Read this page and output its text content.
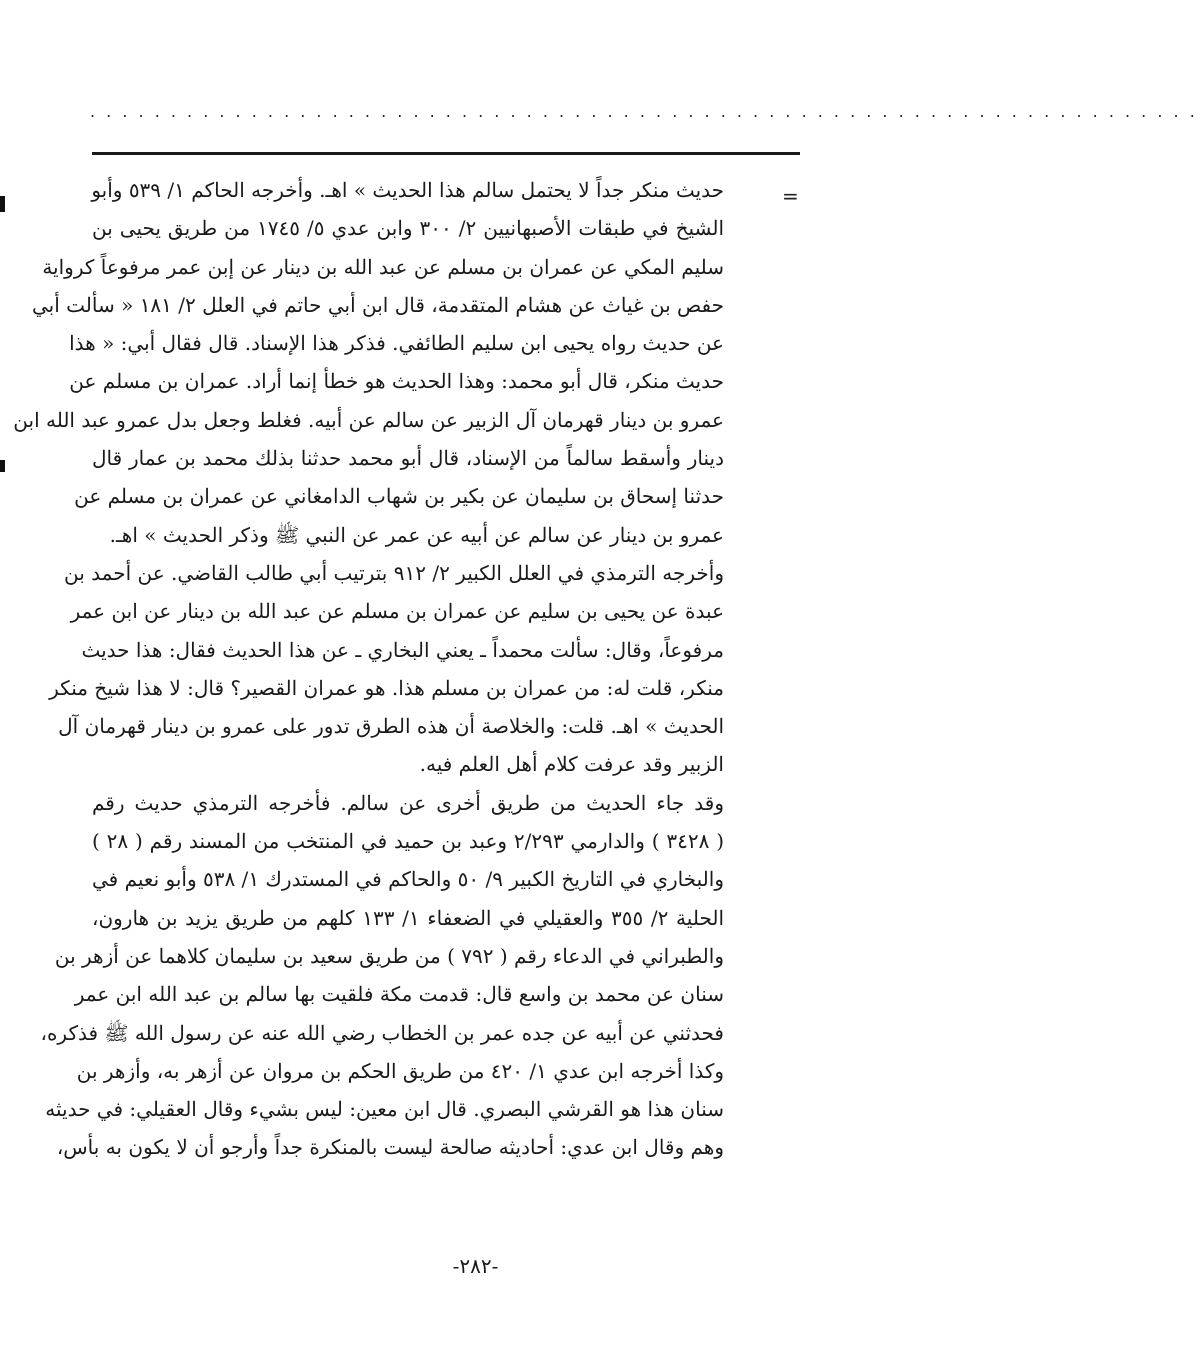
. . . . . . . . . . . . . . . . . . . . . . . . . . . . . . . . . . . . . . . . . . . . . . . . . . . . . . . . . . . . . . . . . . . . .
=
حديث منكر جداً لا يحتمل سالم هذا الحديث » اهـ. وأخرجه الحاكم ١/ ٥٣٩ وأبو
الشيخ في طبقات الأصبهانيين ٢/ ٣٠٠ وابن عدي ٥/ ١٧٤٥ من طريق يحيى بن
سليم المكي عن عمران بن مسلم عن عبد الله بن دينار عن إبن عمر مرفوعاً كرواية
حفص بن غياث عن هشام المتقدمة، قال ابن أبي حاتم في العلل ٢/ ١٨١ « سألت أبي
عن حديث رواه يحيى ابن سليم الطائفي. فذكر هذا الإسناد. قال فقال أبي: « هذا
حديث منكر، قال أبو محمد: وهذا الحديث هو خطأ إنما أراد. عمران بن مسلم عن
عمرو بن دينار قهرمان آل الزبير عن سالم عن أبيه. فغلط وجعل بدل عمرو عبد الله ابن
دينار وأسقط سالماً من الإسناد، قال أبو محمد حدثنا بذلك محمد بن عمار قال
حدثنا إسحاق بن سليمان عن بكير بن شهاب الدامغاني عن عمران بن مسلم عن
عمرو بن دينار عن سالم عن أبيه عن عمر عن النبي ﷺ وذكر الحديث » اهـ.
وأخرجه الترمذي في العلل الكبير ٢/ ٩١٢ بترتيب أبي طالب القاضي. عن أحمد بن
عبدة عن يحيى بن سليم عن عمران بن مسلم عن عبد الله بن دينار عن ابن عمر
مرفوعاً، وقال: سألت محمداً ـ يعني البخاري ـ عن هذا الحديث فقال: هذا حديث
منكر، قلت له: من عمران بن مسلم هذا. هو عمران القصير؟ قال: لا هذا شيخ منكر
الحديث » اهـ. قلت: والخلاصة أن هذه الطرق تدور على عمرو بن دينار قهرمان آل
الزبير وقد عرفت كلام أهل العلم فيه.
وقد جاء الحديث من طريق أخرى عن سالم. فأخرجه الترمذي حديث رقم
( ٣٤٢٨ ) والدارمي ٢/٢٩٣ وعبد بن حميد في المنتخب من المسند رقم ( ٢٨ )
والبخاري في التاريخ الكبير ٩/ ٥٠ والحاكم في المستدرك ١/ ٥٣٨ وأبو نعيم في
الحلية ٢/ ٣٥٥ والعقيلي في الضعفاء ١/ ١٣٣ كلهم من طريق يزيد بن هارون،
والطبراني في الدعاء رقم ( ٧٩٢ ) من طريق سعيد بن سليمان كلاهما عن أزهر بن
سنان عن محمد بن واسع قال: قدمت مكة فلقيت بها سالم بن عبد الله ابن عمر
فحدثني عن أبيه عن جده عمر بن الخطاب رضي الله عنه عن رسول الله ﷺ فذكره،
وكذا أخرجه ابن عدي ١/ ٤٢٠ من طريق الحكم بن مروان عن أزهر به، وأزهر بن
سنان هذا هو القرشي البصري. قال ابن معين: ليس بشيء وقال العقيلي: في حديثه
وهم وقال ابن عدي: أحاديثه صالحة ليست بالمنكرة جداً وأرجو أن لا يكون به بأس،
-٢٨٢-
